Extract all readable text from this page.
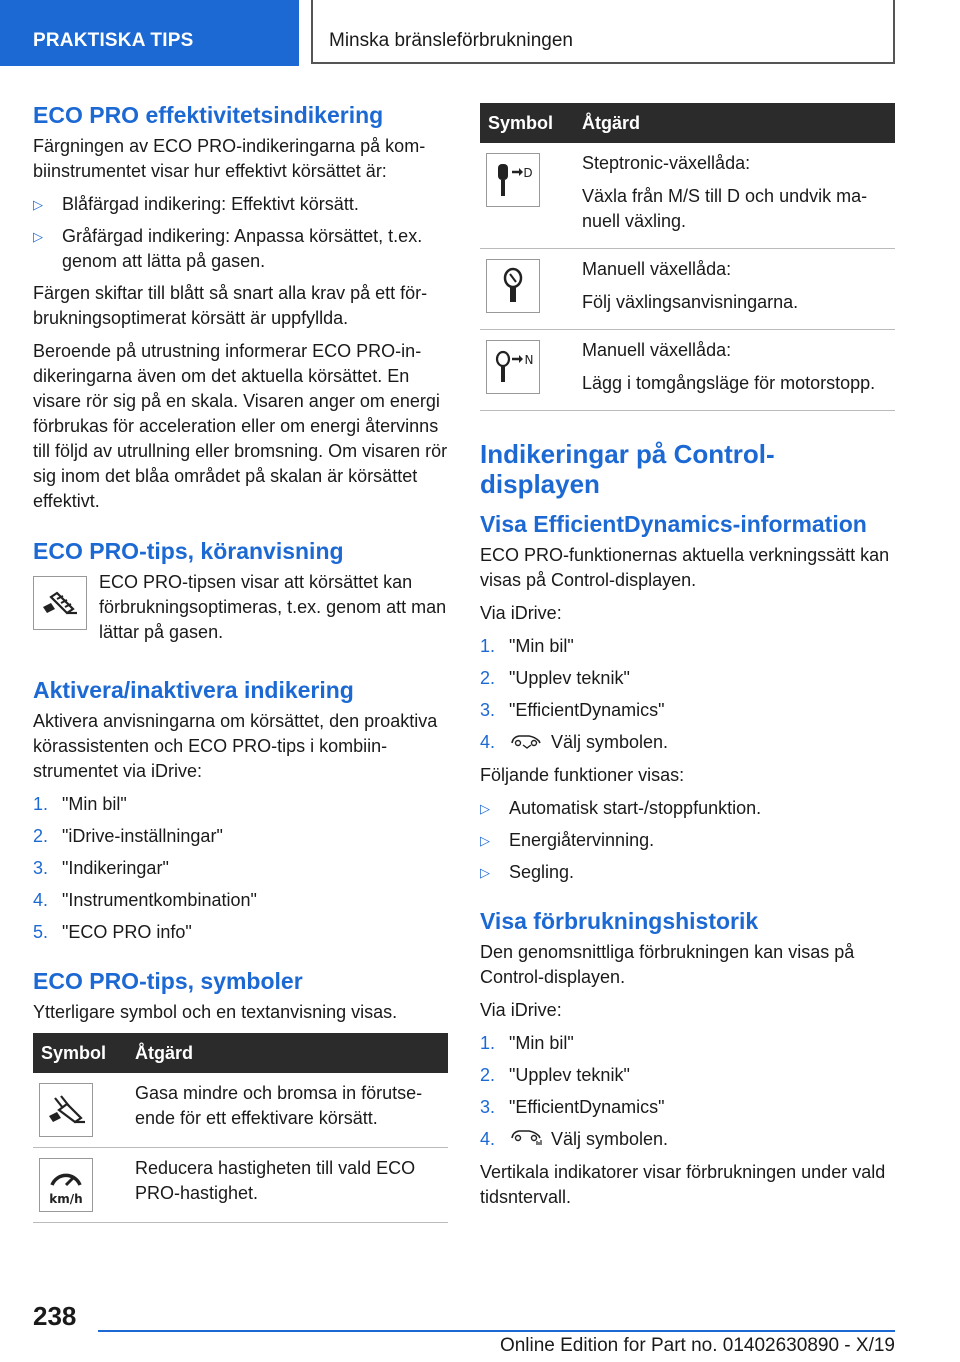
PRAKTISKA TIPS	Minska bränsleförbrukningen
ECO PRO effektivitetsindikering

Färgningen av ECO PRO-indikeringarna på kombiinstrumentet visar hur effektivt körsättet är:

▷ Blåfärgad indikering: Effektivt körsätt.
▷ Gråfärgad indikering: Anpassa körsättet, t.ex. genom att lätta på gasen.

Färgen skiftar till blått så snart alla krav på ett förbrukningsoptimerat körsätt är uppfyllda.

Beroende på utrustning informerar ECO PRO-indikeringarna även om det aktuella körsättet. En visare rör sig på en skala. Visaren anger om energi förbrukas för acceleration eller om energi återvinns till följd av utrullning eller bromsning. Om visaren rör sig inom det blåa området på skalan är körsättet effektivt.

ECO PRO-tips, köranvisning

ECO PRO-tipsen visar att körsättet kan förbrukningsoptimeras, t.ex. genom att man lättar på gasen.

Aktivera/inaktivera indikering

Aktivera anvisningarna om körsättet, den proaktiva körassistenten och ECO PRO-tips i kombiinstrumentet via iDrive:

1. "Min bil"
2. "iDrive-inställningar"
3. "Indikeringar"
4. "Instrumentkombination"
5. "ECO PRO info"
ECO PRO-tips, symboler

Ytterligare symbol och en textanvisning visas.

Symbol	Åtgärd

Gasa mindre och bromsa in förutseende för ett effektivare körsätt.

km/h	Reducera hastigheten till vald ECO PRO-hastighet.
Symbol	Åtgärd

D	Steptronic-växellåda:
Växla från M/S till D och undvik manuell växling.

Manuell växellåda:
Följ växlingsanvisningarna.

N	Manuell växellåda:
Lägg i tomgångsläge för motorstopp.
Indikeringar på Control-
displayen
Visa EfficientDynamics-information

ECO PRO-funktionernas aktuella verkningssätt kan visas på Control-displayen.

Via iDrive:

1. "Min bil"
2. "Upplev teknik"
3. "EfficientDynamics"
4.	Välj symbolen.

Följande funktioner visas:

▷ Automatisk start-/stoppfunktion.
▷ Energiåtervinning.
▷ Segling.
Visa förbrukningshistorik

Den genomsnittliga förbrukningen kan visas på Control-displayen.

Via iDrive:

1. "Min bil"
2. "Upplev teknik"
3. "EfficientDynamics"
4.	Välj symbolen.

Vertikala indikatorer visar förbrukningen under vald tidsntervall.

238
Online Edition for Part no. 01402630890 - X/19
